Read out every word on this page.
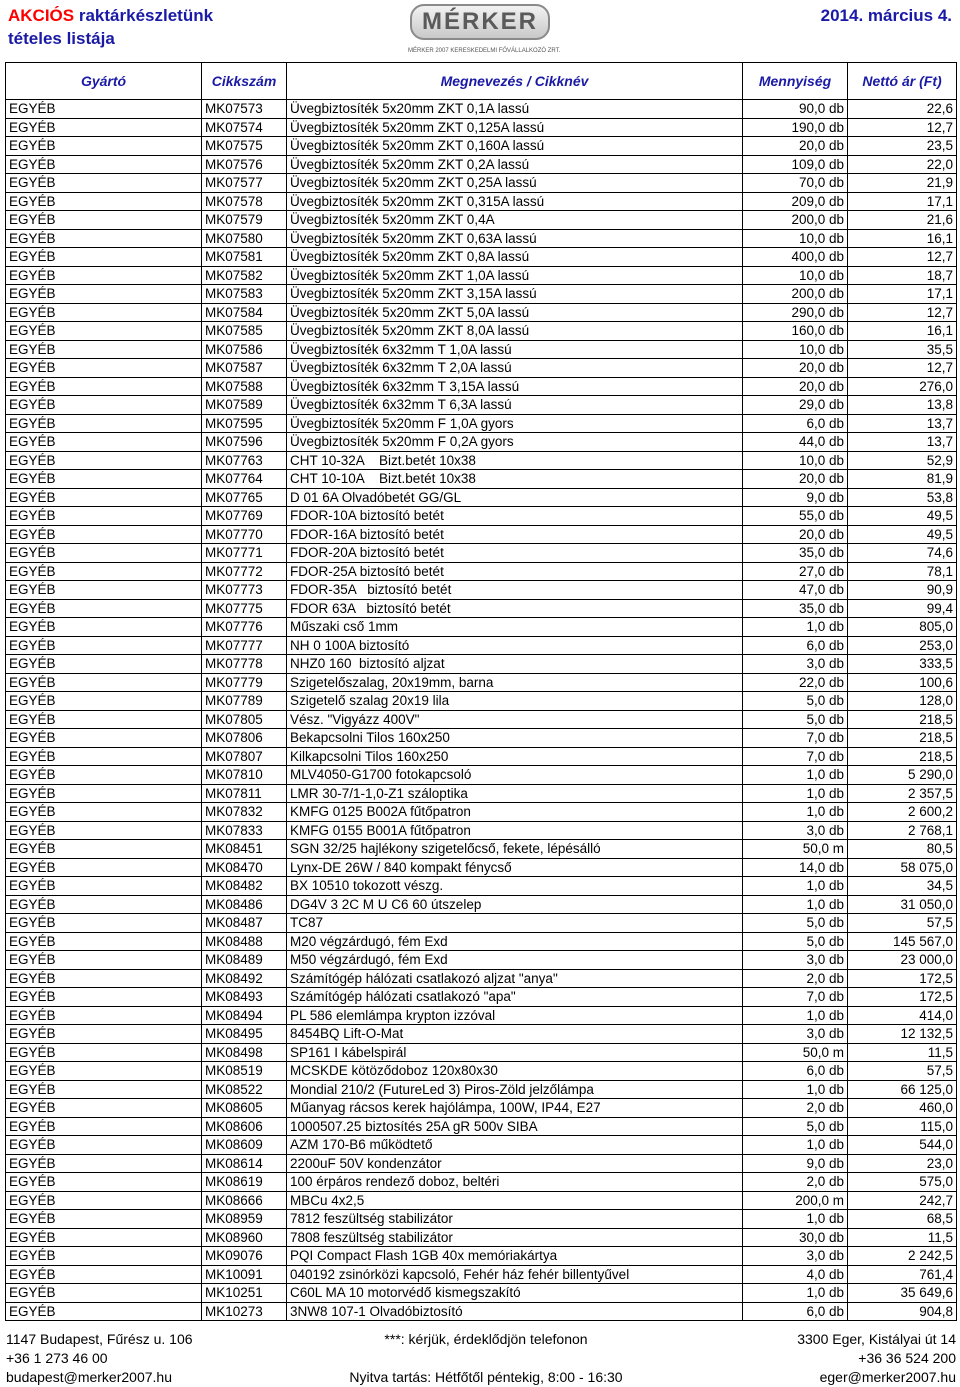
AKCIÓS raktárkészletünk
tételes listája
MÉRKER
MÉRKER 2007 KERESKEDELMI FŐVÁLLALKOZÓ ZRT.
2014. március 4.
Gyártó	Cikkszám	Megnevezés / Cikknév	Mennyiség	Nettó ár (Ft)
EGYÉB	MK07573	Üvegbiztosíték 5x20mm ZKT 0,1A lassú	90,0 db	22,6
EGYÉB	MK07574	Üvegbiztosíték 5x20mm ZKT 0,125A lassú	190,0 db	12,7
EGYÉB	MK07575	Üvegbiztosíték 5x20mm ZKT 0,160A lassú	20,0 db	23,5
EGYÉB	MK07576	Üvegbiztosíték 5x20mm ZKT 0,2A lassú	109,0 db	22,0
EGYÉB	MK07577	Üvegbiztosíték 5x20mm ZKT 0,25A lassú	70,0 db	21,9
EGYÉB	MK07578	Üvegbiztosíték 5x20mm ZKT 0,315A lassú	209,0 db	17,1
EGYÉB	MK07579	Üvegbiztosíték 5x20mm ZKT 0,4A	200,0 db	21,6
EGYÉB	MK07580	Üvegbiztosíték 5x20mm ZKT 0,63A lassú	10,0 db	16,1
EGYÉB	MK07581	Üvegbiztosíték 5x20mm ZKT 0,8A lassú	400,0 db	12,7
EGYÉB	MK07582	Üvegbiztosíték 5x20mm ZKT 1,0A lassú	10,0 db	18,7
EGYÉB	MK07583	Üvegbiztosíték 5x20mm ZKT 3,15A lassú	200,0 db	17,1
EGYÉB	MK07584	Üvegbiztosíték 5x20mm ZKT 5,0A lassú	290,0 db	12,7
EGYÉB	MK07585	Üvegbiztosíték 5x20mm ZKT 8,0A lassú	160,0 db	16,1
EGYÉB	MK07586	Üvegbiztosíték 6x32mm T 1,0A lassú	10,0 db	35,5
EGYÉB	MK07587	Üvegbiztosíték 6x32mm T 2,0A lassú	20,0 db	12,7
EGYÉB	MK07588	Üvegbiztosíték 6x32mm T 3,15A lassú	20,0 db	276,0
EGYÉB	MK07589	Üvegbiztosíték 6x32mm T 6,3A lassú	29,0 db	13,8
EGYÉB	MK07595	Üvegbiztosíték 5x20mm F 1,0A gyors	6,0 db	13,7
EGYÉB	MK07596	Üvegbiztosíték 5x20mm F 0,2A gyors	44,0 db	13,7
EGYÉB	MK07763	CHT 10-32A    Bizt.betét 10x38	10,0 db	52,9
EGYÉB	MK07764	CHT 10-10A    Bizt.betét 10x38	20,0 db	81,9
EGYÉB	MK07765	D 01 6A Olvadóbetét GG/GL	9,0 db	53,8
EGYÉB	MK07769	FDOR-10A biztosító betét	55,0 db	49,5
EGYÉB	MK07770	FDOR-16A biztosító betét	20,0 db	49,5
EGYÉB	MK07771	FDOR-20A biztosító betét	35,0 db	74,6
EGYÉB	MK07772	FDOR-25A biztosító betét	27,0 db	78,1
EGYÉB	MK07773	FDOR-35A   biztosító betét	47,0 db	90,9
EGYÉB	MK07775	FDOR 63A   biztosító betét	35,0 db	99,4
EGYÉB	MK07776	Műszaki cső 1mm	1,0 db	805,0
EGYÉB	MK07777	NH 0 100A biztosító	6,0 db	253,0
EGYÉB	MK07778	NHZ0 160  biztosító aljzat	3,0 db	333,5
EGYÉB	MK07779	Szigetelőszalag, 20x19mm, barna	22,0 db	100,6
EGYÉB	MK07789	Szigetelő szalag 20x19 lila	5,0 db	128,0
EGYÉB	MK07805	Vész. "Vigyázz 400V"	5,0 db	218,5
EGYÉB	MK07806	Bekapcsolni Tilos 160x250	7,0 db	218,5
EGYÉB	MK07807	Kilkapcsolni Tilos 160x250	7,0 db	218,5
EGYÉB	MK07810	MLV4050-G1700 fotokapcsoló	1,0 db	5 290,0
EGYÉB	MK07811	LMR 30-7/1-1,0-Z1 száloptika	1,0 db	2 357,5
EGYÉB	MK07832	KMFG 0125 B002A fűtőpatron	1,0 db	2 600,2
EGYÉB	MK07833	KMFG 0155 B001A fűtőpatron	3,0 db	2 768,1
EGYÉB	MK08451	SGN 32/25 hajlékony szigetelőcső, fekete, lépésálló	50,0 m	80,5
EGYÉB	MK08470	Lynx-DE 26W / 840 kompakt fénycső	14,0 db	58 075,0
EGYÉB	MK08482	BX 10510 tokozott vészg.	1,0 db	34,5
EGYÉB	MK08486	DG4V 3 2C M U C6 60 útszelep	1,0 db	31 050,0
EGYÉB	MK08487	TC87	5,0 db	57,5
EGYÉB	MK08488	M20 végzárdugó, fém Exd	5,0 db	145 567,0
EGYÉB	MK08489	M50 végzárdugó, fém Exd	3,0 db	23 000,0
EGYÉB	MK08492	Számítógép hálózati csatlakozó aljzat "anya"	2,0 db	172,5
EGYÉB	MK08493	Számítógép hálózati csatlakozó "apa"	7,0 db	172,5
EGYÉB	MK08494	PL 586 elemlámpa krypton izzóval	1,0 db	414,0
EGYÉB	MK08495	8454BQ Lift-O-Mat	3,0 db	12 132,5
EGYÉB	MK08498	SP161 I kábelspirál	50,0 m	11,5
EGYÉB	MK08519	MCSKDE kötöződoboz 120x80x30	6,0 db	57,5
EGYÉB	MK08522	Mondial 210/2 (FutureLed 3) Piros-Zöld jelzőlámpa	1,0 db	66 125,0
EGYÉB	MK08605	Műanyag rácsos kerek hajólámpa, 100W, IP44, E27	2,0 db	460,0
EGYÉB	MK08606	1000507.25 biztosítés 25A gR 500v SIBA	5,0 db	115,0
EGYÉB	MK08609	AZM 170-B6 működtető	1,0 db	544,0
EGYÉB	MK08614	2200uF 50V kondenzátor	9,0 db	23,0
EGYÉB	MK08619	100 érpáros rendező doboz, beltéri	2,0 db	575,0
EGYÉB	MK08666	MBCu 4x2,5	200,0 m	242,7
EGYÉB	MK08959	7812 feszültség stabilizátor	1,0 db	68,5
EGYÉB	MK08960	7808 feszültség stabilizátor	30,0 db	11,5
EGYÉB	MK09076	PQI Compact Flash 1GB 40x memóriakártya	3,0 db	2 242,5
EGYÉB	MK10091	040192 zsinórközi kapcsoló, Fehér ház fehér billentyűvel	4,0 db	761,4
EGYÉB	MK10251	C60L MA 10 motorvédő kismegszakító	1,0 db	35 649,6
EGYÉB	MK10273	3NW8 107-1 Olvadóbiztosító	6,0 db	904,8
1147 Budapest, Fűrész u. 106
+36 1 273 46 00
budapest@merker2007.hu
***: kérjük, érdeklődjön telefonon

Nyitva tartás: Hétfőtől péntekig, 8:00 - 16:30
3300 Eger, Kistályai út 14
+36 36 524 200
eger@merker2007.hu
